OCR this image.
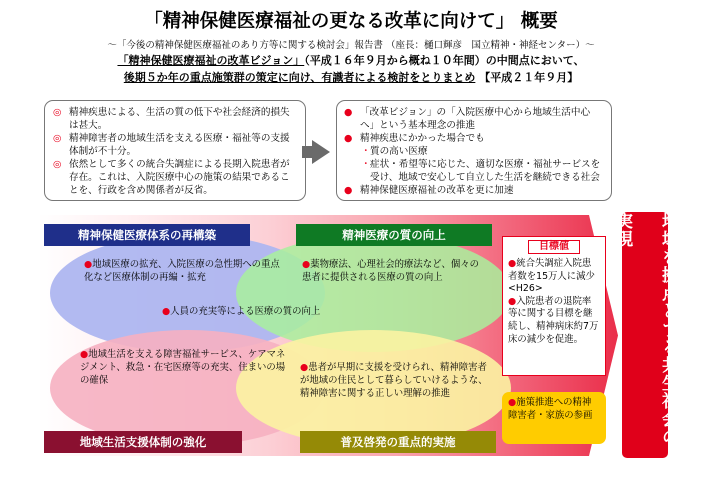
「精神保健医療福祉の更なる改革に向けて」 概要
～「今後の精神保健医療福祉のあり方等に関する検討会」報告書 （座長：樋口輝彦　国立精神・神経センター）～
「精神保健医療福祉の改革ビジョン」（平成１６年９月から概ね１０年間）の中間点において、
後期５か年の重点施策群の策定に向け、有識者による検討をとりまとめ 【平成２１年９月】
◎ 精神疾患による、生活の質の低下や社会経済的損失は甚大。
◎ 精神障害者の地域生活を支える医療・福祉等の支援体制が不十分。
◎ 依然として多くの統合失調症による長期入院患者が存在。これは、入院医療中心の施策の結果であることを、行政を含め関係者が反省。
● 「改革ビジョン」の「入院医療中心から地域生活中心へ」という基本理念の推進
● 精神疾患にかかった場合でも
・ 質の高い医療
・ 症状・希望等に応じた、適切な医療・福祉サービスを受け、地域で安心して自立した生活を継続できる社会
● 精神保健医療福祉の改革を更に加速
精神保健医療体系の再構築	精神医療の質の向上
地域生活支援体制の強化	普及啓発の重点的実施
●地域医療の拡充、入院医療の急性期への重点化など医療体制の再編・拡充
●薬物療法、心理社会的療法など、個々の患者に提供される医療の質の向上
●人員の充実等による医療の質の向上
●地域生活を支える障害福祉サービス、ケアマネジメント、救急・在宅医療等の充実、住まいの場の確保
●患者が早期に支援を受けられ、精神障害者が地域の住民として暮らしていけるような、精神障害に関する正しい理解の推進
目標値
●統合失調症入院患者数を15万人に減少<H26>
●入院患者の退院率等に関する目標を継続し、精神病床約7万床の減少を促進。
●施策推進への精神障害者・家族の参画	地域を拠点とする共生社会の実現
